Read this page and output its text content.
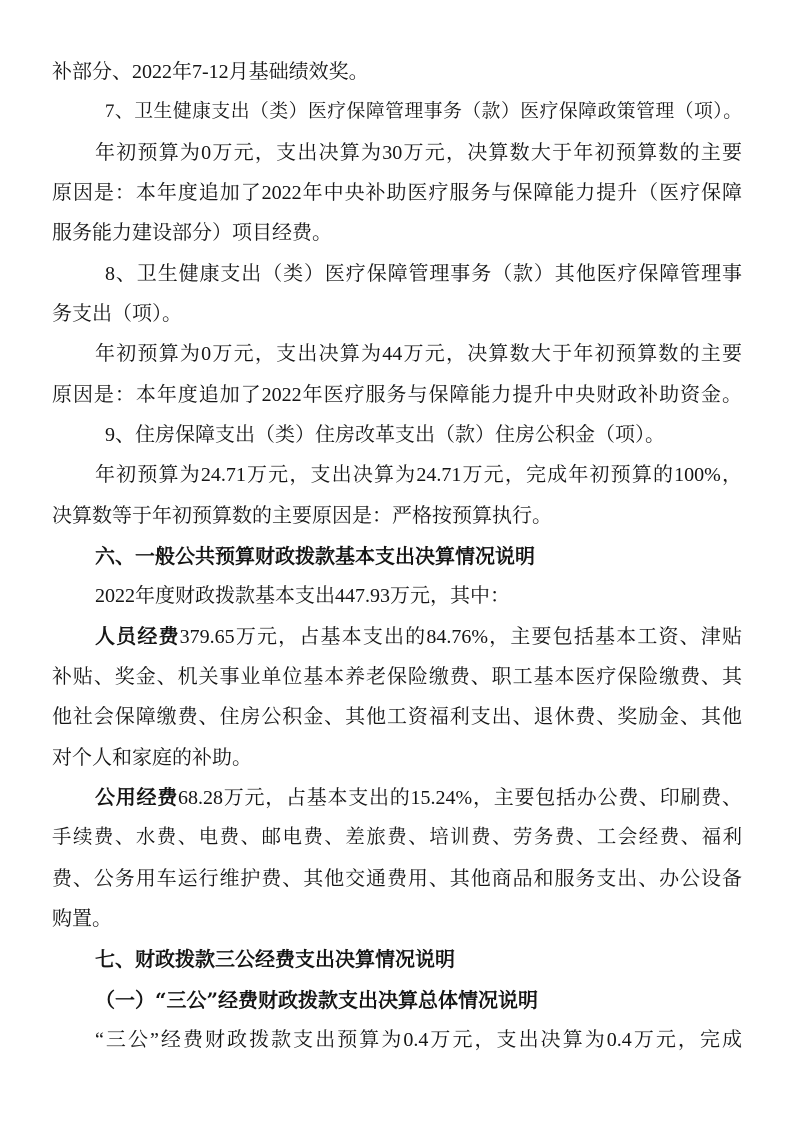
补部分、2022年7-12月基础绩效奖。
7、卫生健康支出（类）医疗保障管理事务（款）医疗保障政策管理（项）。
年初预算为0万元，支出决算为30万元，决算数大于年初预算数的主要
原因是：本年度追加了2022年中央补助医疗服务与保障能力提升（医疗保障
服务能力建设部分）项目经费。
8、卫生健康支出（类）医疗保障管理事务（款）其他医疗保障管理事
务支出（项）。
年初预算为0万元，支出决算为44万元，决算数大于年初预算数的主要
原因是：本年度追加了2022年医疗服务与保障能力提升中央财政补助资金。
9、住房保障支出（类）住房改革支出（款）住房公积金（项）。
年初预算为24.71万元，支出决算为24.71万元，完成年初预算的100%，
决算数等于年初预算数的主要原因是：严格按预算执行。
六、一般公共预算财政拨款基本支出决算情况说明
2022年度财政拨款基本支出447.93万元，其中：
人员经费379.65万元，占基本支出的84.76%，主要包括基本工资、津贴
补贴、奖金、机关事业单位基本养老保险缴费、职工基本医疗保险缴费、其
他社会保障缴费、住房公积金、其他工资福利支出、退休费、奖励金、其他
对个人和家庭的补助。
公用经费68.28万元，占基本支出的15.24%，主要包括办公费、印刷费、
手续费、水费、电费、邮电费、差旅费、培训费、劳务费、工会经费、福利
费、公务用车运行维护费、其他交通费用、其他商品和服务支出、办公设备
购置。
七、财政拨款三公经费支出决算情况说明
（一）“三公”经费财政拨款支出决算总体情况说明
“三公”经费财政拨款支出预算为0.4万元，支出决算为0.4万元，完成
